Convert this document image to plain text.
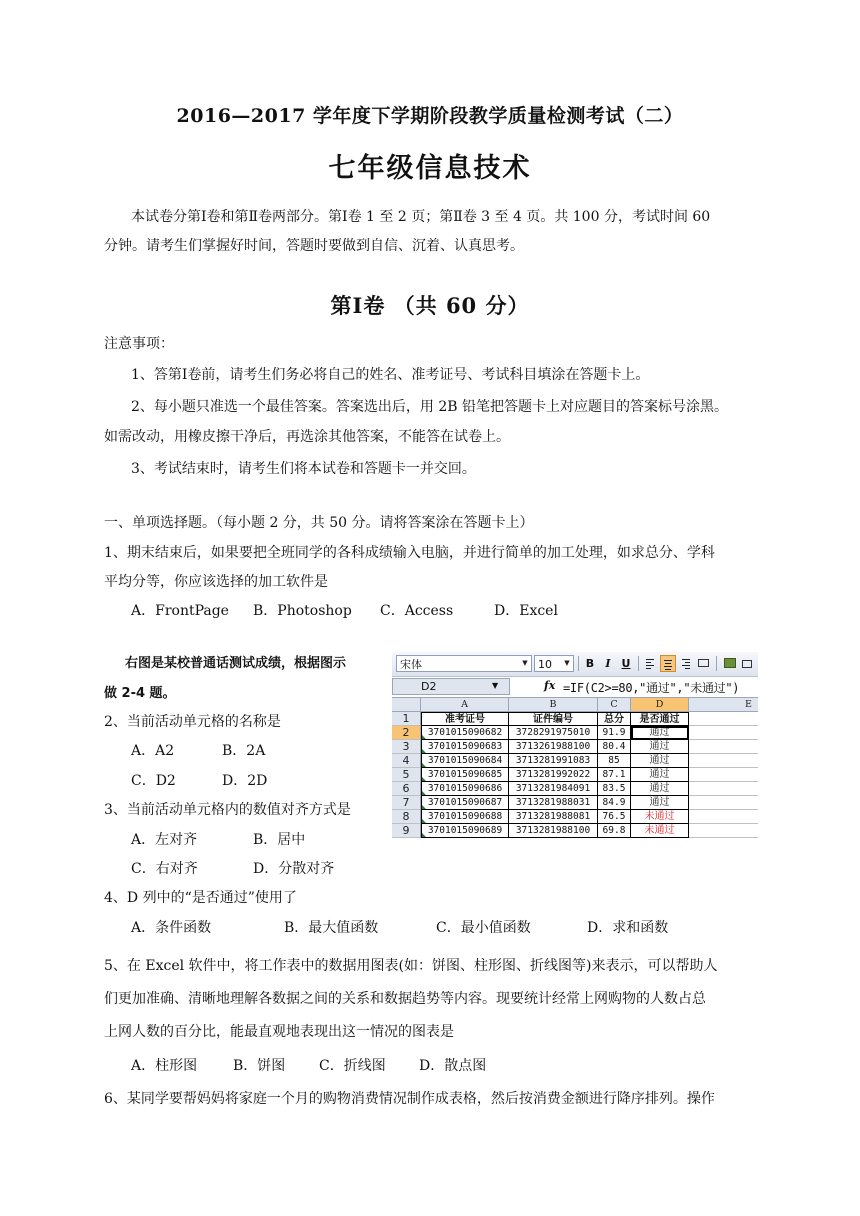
2016—2017 学年度下学期阶段教学质量检测考试（二）
七年级信息技术
本试卷分第Ⅰ卷和第Ⅱ卷两部分。第Ⅰ卷 1 至 2 页；第Ⅱ卷 3 至 4 页。共 100 分，考试时间 60
分钟。请考生们掌握好时间，答题时要做到自信、沉着、认真思考。
第Ⅰ卷 （共 60 分）
注意事项：
1、答第Ⅰ卷前，请考生们务必将自己的姓名、准考证号、考试科目填涂在答题卡上。
2、每小题只准选一个最佳答案。答案选出后，用 2B 铅笔把答题卡上对应题目的答案标号涂黑。
如需改动，用橡皮擦干净后，再选涂其他答案，不能答在试卷上。
3、考试结束时，请考生们将本试卷和答题卡一并交回。
一、单项选择题。（每小题 2 分，共 50 分。请将答案涂在答题卡上）
1、期末结束后，如果要把全班同学的各科成绩输入电脑，并进行简单的加工处理，如求总分、学科
平均分等，你应该选择的加工软件是
A．FrontPage B．Photoshop C．Access	D．Excel
右图是某校普通话测试成绩，根据图示
做 2-4 题。
2、当前活动单元格的名称是
A．A2	B．2A
C．D2	D．2D
3、当前活动单元格内的数值对齐方式是
A．左对齐	B．居中
C．右对齐	D．分散对齐
4、D 列中的“是否通过”使用了
A．条件函数	B．最大值函数	C．最小值函数	D．求和函数
5、在 Excel 软件中，将工作表中的数据用图表(如：饼图、柱形图、折线图等)来表示，可以帮助人
们更加准确、清晰地理解各数据之间的关系和数据趋势等内容。现要统计经常上网购物的人数占总
上网人数的百分比，能最直观地表现出这一情况的图表是
A．柱形图	B．饼图 C．折线图 D．散点图
6、某同学要帮妈妈将家庭一个月的购物消费情况制作成表格，然后按消费金额进行降序排列。操作
宋体	▼ 10	▼	B	I U
D2	▼	fx =IF(C2>=80,"通过","未通过")
A	B	C	D	E
1	准考证号	证件编号	总分	是否通过
2	3701015090682	3728291975010	91.9	通过
3	3701015090683	3713261988100	80.4	通过
4	3701015090684	3713281991083	85	通过
5	3701015090685	3713281992022	87.1	通过
6	3701015090686	3713281984091	83.5	通过
7	3701015090687	3713281988031	84.9	通过
8	3701015090688	3713281988081	76.5	未通过
9	3701015090689	3713281988100	69.8	未通过
